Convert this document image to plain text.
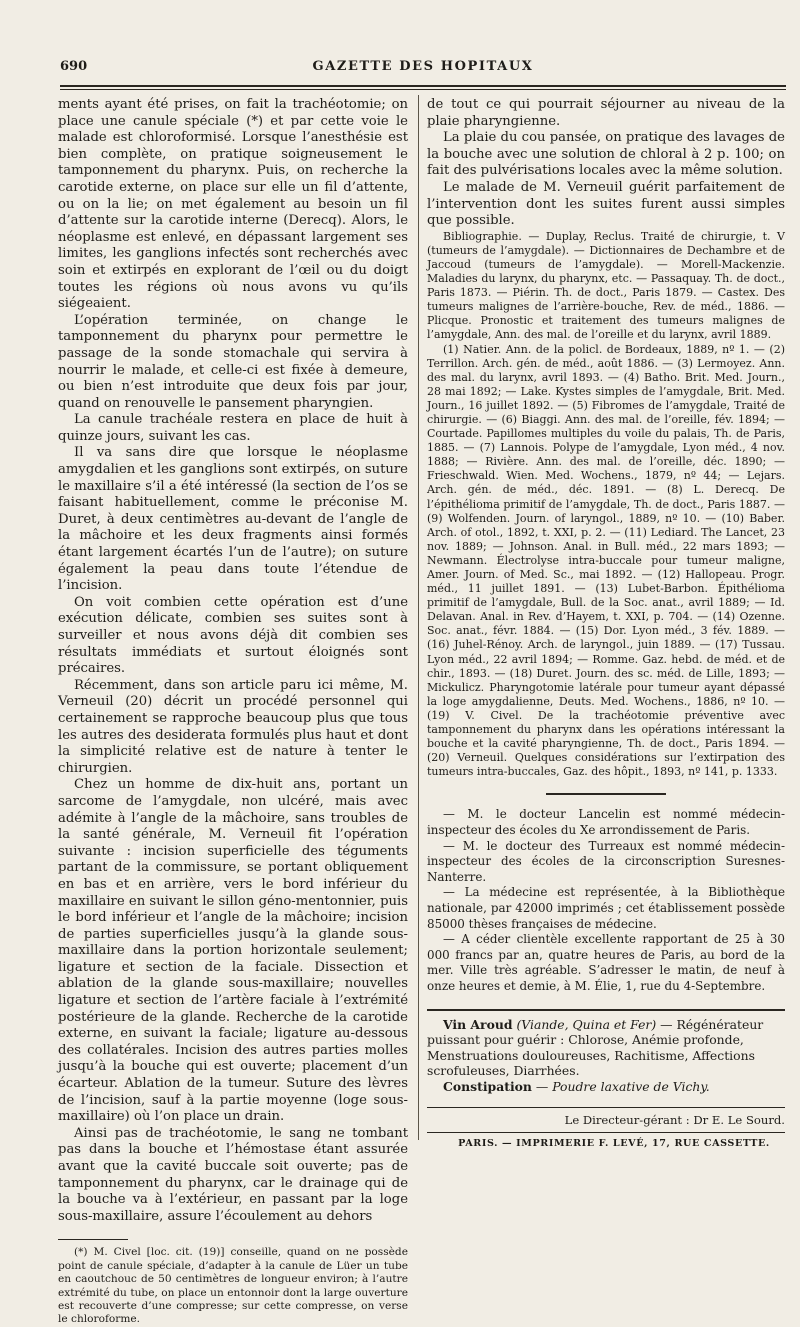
690	GAZETTE DES HOPITAUX

ments ayant été prises, on fait la trachéotomie; on place une canule spéciale (*) et par cette voie le malade est chloroformisé. Lorsque l’anesthésie est bien complète, on pratique soigneusement le tamponnement du pharynx. Puis, on recherche la carotide externe, on place sur elle un fil d’attente, ou on la lie; on met également au besoin un fil d’attente sur la carotide interne (Derecq). Alors, le néoplasme est enlevé, en dépassant largement ses limites, les ganglions infectés sont recherchés avec soin et extirpés en explorant de l’œil ou du doigt toutes les régions où nous avons vu qu’ils siégeaient.

L’opération terminée, on change le tamponnement du pharynx pour permettre le passage de la sonde stomachale qui servira à nourrir le malade, et celle-ci est fixée à demeure, ou bien n’est introduite que deux fois par jour, quand on renouvelle le pansement pharyngien.

La canule trachéale restera en place de huit à quinze jours, suivant les cas.

Il va sans dire que lorsque le néoplasme amygdalien et les ganglions sont extirpés, on suture le maxillaire s’il a été intéressé (la section de l’os se faisant habituellement, comme le préconise M. Duret, à deux centimètres au-devant de l’angle de la mâchoire et les deux fragments ainsi formés étant largement écartés l’un de l’autre); on suture également la peau dans toute l’étendue de l’incision.

On voit combien cette opération est d’une exécution délicate, combien ses suites sont à surveiller et nous avons déjà dit combien ses résultats immédiats et surtout éloignés sont précaires.

Récemment, dans son article paru ici même, M. Verneuil (20) décrit un procédé personnel qui certainement se rapproche beaucoup plus que tous les autres des desiderata formulés plus haut et dont la simplicité relative est de nature à tenter le chirurgien.

Chez un homme de dix-huit ans, portant un sarcome de l’amygdale, non ulcéré, mais avec adémite à l’angle de la mâchoire, sans troubles de la santé générale, M. Verneuil fit l’opération suivante : incision superficielle des téguments partant de la commissure, se portant obliquement en bas et en arrière, vers le bord inférieur du maxillaire en suivant le sillon géno-mentonnier, puis le bord inférieur et l’angle de la mâchoire; incision de parties superficielles jusqu’à la glande sous-maxillaire dans la portion horizontale seulement; ligature et section de la faciale. Dissection et ablation de la glande sous-maxillaire; nouvelles ligature et section de l’artère faciale à l’extrémité postérieure de la glande. Recherche de la carotide externe, en suivant la faciale; ligature au-dessous des collatérales. Incision des autres parties molles jusqu’à la bouche qui est ouverte; placement d’un écarteur. Ablation de la tumeur. Suture des lèvres de l’incision, sauf à la partie moyenne (loge sous-maxillaire) où l’on place un drain.

Ainsi pas de trachéotomie, le sang ne tombant pas dans la bouche et l’hémostase étant assurée avant que la cavité buccale soit ouverte; pas de tamponnement du pharynx, car le drainage qui de la bouche va à l’extérieur, en passant par la loge sous-maxillaire, assure l’écoulement au dehors

(*) M. Civel [loc. cit. (19)] conseille, quand on ne possède point de canule spéciale, d’adapter à la canule de Lüer un tube en caoutchouc de 50 centimètres de longueur environ; à l’autre extrémité du tube, on place un entonnoir dont la large ouverture est recouverte d’une compresse; sur cette compresse, on verse le chloroforme.

de tout ce qui pourrait séjourner au niveau de la plaie pharyngienne.

La plaie du cou pansée, on pratique des lavages de la bouche avec une solution de chloral à 2 p. 100; on fait des pulvérisations locales avec la même solution.

Le malade de M. Verneuil guérit parfaitement de l’intervention dont les suites furent aussi simples que possible.

Bibliographie. — Duplay, Reclus. Traité de chirurgie, t. V (tumeurs de l’amygdale). — Dictionnaires de Dechambre et de Jaccoud (tumeurs de l’amygdale). — Morell-Mackenzie. Maladies du larynx, du pharynx, etc. — Passaquay. Th. de doct., Paris 1873. — Piérin. Th. de doct., Paris 1879. — Castex. Des tumeurs malignes de l’arrière-bouche, Rev. de méd., 1886. — Plicque. Pronostic et traitement des tumeurs malignes de l’amygdale, Ann. des mal. de l’oreille et du larynx, avril 1889.

(1) Natier. Ann. de la policl. de Bordeaux, 1889, nº 1. — (2) Terrillon. Arch. gén. de méd., août 1886. — (3) Lermoyez. Ann. des mal. du larynx, avril 1893. — (4) Batho. Brit. Med. Journ., 28 mai 1892; — Lake. Kystes simples de l’amygdale, Brit. Med. Journ., 16 juillet 1892. — (5) Fibromes de l’amygdale, Traité de chirurgie. — (6) Biaggi. Ann. des mal. de l’oreille, fév. 1894; — Courtade. Papillomes multiples du voile du palais, Th. de Paris, 1885. — (7) Lannois. Polype de l’amygdale, Lyon méd., 4 nov. 1888; — Rivière. Ann. des mal. de l’oreille, déc. 1890; — Frieschwald. Wien. Med. Wochens., 1879, nº 44; — Lejars. Arch. gén. de méd., déc. 1891. — (8) L. Derecq. De l’épithélioma primitif de l’amygdale, Th. de doct., Paris 1887. — (9) Wolfenden. Journ. of laryngol., 1889, nº 10. — (10) Baber. Arch. of otol., 1892, t. XXI, p. 2. — (11) Lediard. The Lancet, 23 nov. 1889; — Johnson. Anal. in Bull. méd., 22 mars 1893; — Newmann. Électrolyse intra-buccale pour tumeur maligne, Amer. Journ. of Med. Sc., mai 1892. — (12) Hallopeau. Progr. méd., 11 juillet 1891. — (13) Lubet-Barbon. Épithélioma primitif de l’amygdale, Bull. de la Soc. anat., avril 1889; — Id. Delavan. Anal. in Rev. d’Hayem, t. XXI, p. 704. — (14) Ozenne. Soc. anat., févr. 1884. — (15) Dor. Lyon méd., 3 fév. 1889. — (16) Juhel-Rénoy. Arch. de laryngol., juin 1889. — (17) Tussau. Lyon méd., 22 avril 1894; — Romme. Gaz. hebd. de méd. et de chir., 1893. — (18) Duret. Journ. des sc. méd. de Lille, 1893; — Mickulicz. Pharyngotomie latérale pour tumeur ayant dépassé la loge amygdalienne, Deuts. Med. Wochens., 1886, nº 10. — (19) V. Civel. De la trachéotomie préventive avec tamponnement du pharynx dans les opérations intéressant la bouche et la cavité pharyngienne, Th. de doct., Paris 1894. — (20) Verneuil. Quelques considérations sur l’extirpation des tumeurs intra-buccales, Gaz. des hôpit., 1893, nº 141, p. 1333.

— M. le docteur Lancelin est nommé médecin-inspecteur des écoles du Xe arrondissement de Paris.

— M. le docteur des Turreaux est nommé médecin-inspecteur des écoles de la circonscription Suresnes-Nanterre.

— La médecine est représentée, à la Bibliothèque nationale, par 42000 imprimés ; cet établissement possède 85000 thèses françaises de médecine.

— A céder clientèle excellente rapportant de 25 à 30 000 francs par an, quatre heures de Paris, au bord de la mer. Ville très agréable. S’adresser le matin, de neuf à onze heures et demie, à M. Élie, 1, rue du 4-Septembre.

Vin Aroud (Viande, Quina et Fer) — Régénérateur puissant pour guérir : Chlorose, Anémie profonde, Menstruations douloureuses, Rachitisme, Affections scrofuleuses, Diarrhées.

Constipation — Poudre laxative de Vichy.

Le Directeur-gérant : Dr E. Le Sourd.

PARIS. — IMPRIMERIE F. LEVÉ, 17, RUE CASSETTE.
